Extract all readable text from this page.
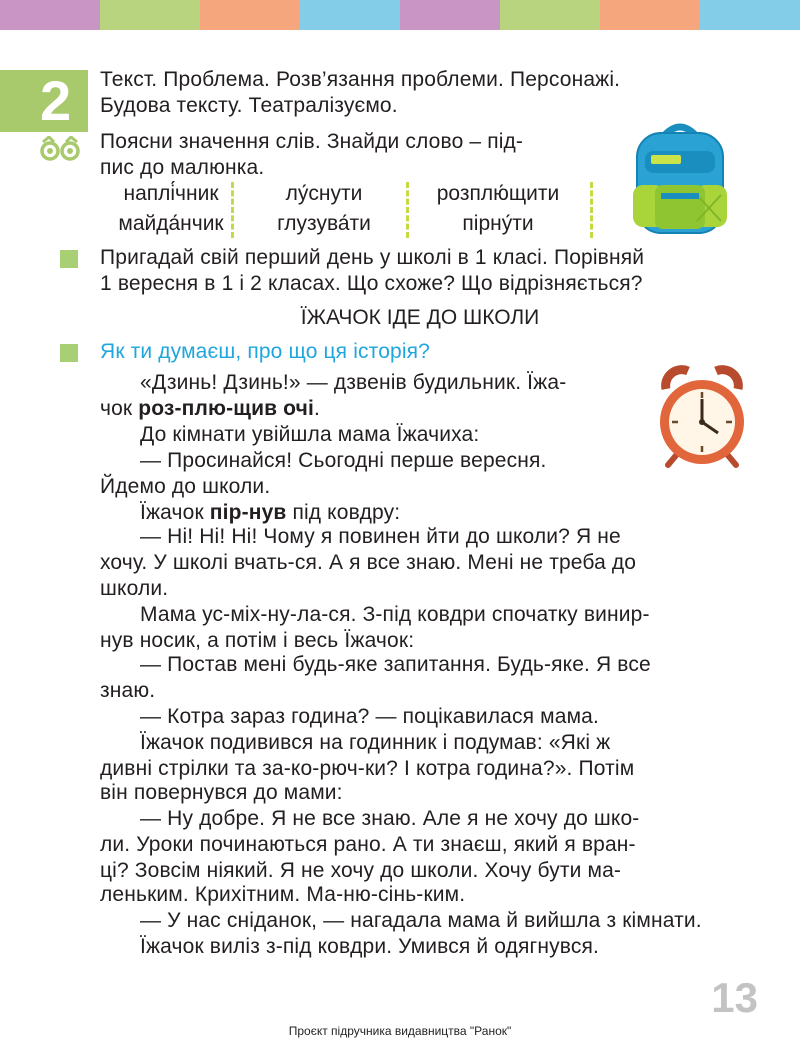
2 Текст. Проблема. Розв’язання проблеми. Персонажі.
Будова тексту. Театралізуємо.
Поясни значення слів. Знайди слово – під-
пис до малюнка.
наплі́чник	лу́снути	розплю́щити
майда́нчик	глузува́ти	пірну́ти
Пригадай свій перший день у школі в 1 класі. Порівняй
1 вересня в 1 і 2 класах. Що схоже? Що відрізняється?
ЇЖАЧОК ІДЕ ДО ШКОЛИ
Як ти думаєш, про що ця історія?
«Дзинь! Дзинь!» — дзвенів будильник. Їжа-
чок роз-плю-щив очі.
До кімнати увійшла мама Їжачиха:
— Просинайся! Сьогодні перше вересня.
Йдемо до школи.
Їжачок пір-нув під ковдру:
— Ні! Ні! Ні! Чому я повинен йти до школи? Я не
хочу. У школі вчать-ся. А я все знаю. Мені не треба до
школи.
Мама ус-міх-ну-ла-ся. З-під ковдри спочатку винир-
нув носик, а потім і весь Їжачок:
— Постав мені будь-яке запитання. Будь-яке. Я все
знаю.
— Котра зараз година? — поцікавилася мама.
Їжачок подивився на годинник і подумав: «Які ж
дивні стрілки та за-ко-рюч-ки? І котра година?». Потім
він повернувся до мами:
— Ну добре. Я не все знаю. Але я не хочу до шко-
ли. Уроки починаються рано. А ти знаєш, який я вран-
ці? Зовсім ніякий. Я не хочу до школи. Хочу бути ма-
леньким. Крихітним. Ма-ню-сінь-ким.
— У нас сніданок, — нагадала мама й вийшла з кімнати.
Їжачок виліз з-під ковдри. Умився й одягнувся.
13
Проєкт підручника видавництва "Ранок"
